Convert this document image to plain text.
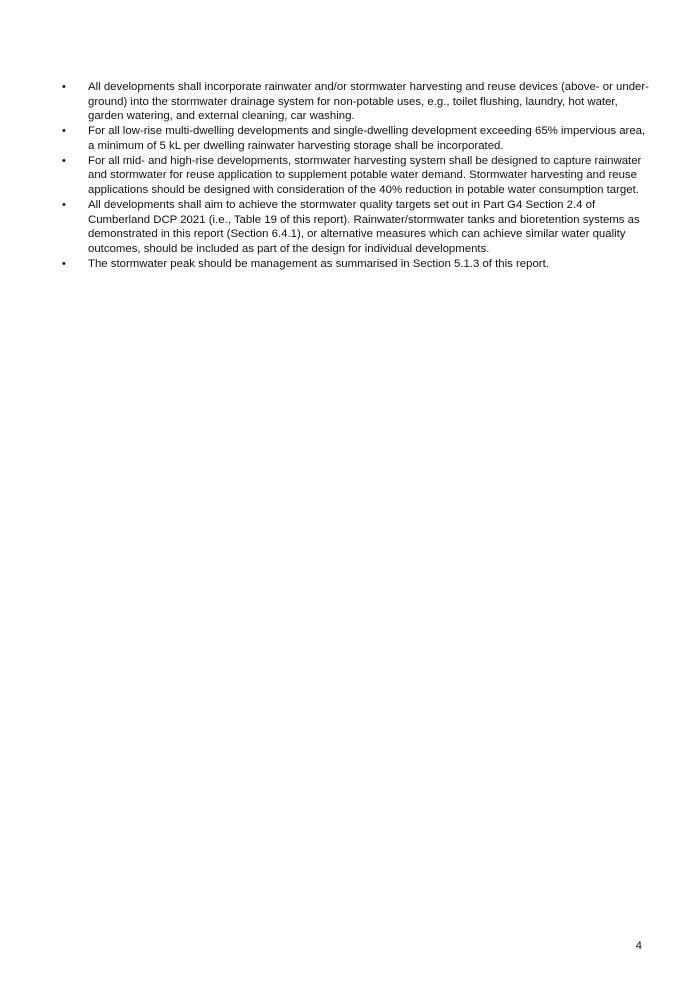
• All developments shall incorporate rainwater and/or stormwater harvesting and reuse devices (above- or under-ground) into the stormwater drainage system for non-potable uses, e.g., toilet flushing, laundry, hot water, garden watering, and external cleaning, car washing.
• For all low-rise multi-dwelling developments and single-dwelling development exceeding 65% impervious area, a minimum of 5 kL per dwelling rainwater harvesting storage shall be incorporated.
• For all mid- and high-rise developments, stormwater harvesting system shall be designed to capture rainwater and stormwater for reuse application to supplement potable water demand. Stormwater harvesting and reuse applications should be designed with consideration of the 40% reduction in potable water consumption target.
• All developments shall aim to achieve the stormwater quality targets set out in Part G4 Section 2.4 of Cumberland DCP 2021 (i.e., Table 19 of this report). Rainwater/stormwater tanks and bioretention systems as demonstrated in this report (Section 6.4.1), or alternative measures which can achieve similar water quality outcomes, should be included as part of the design for individual developments.
• The stormwater peak should be management as summarised in Section 5.1.3 of this report.
4
